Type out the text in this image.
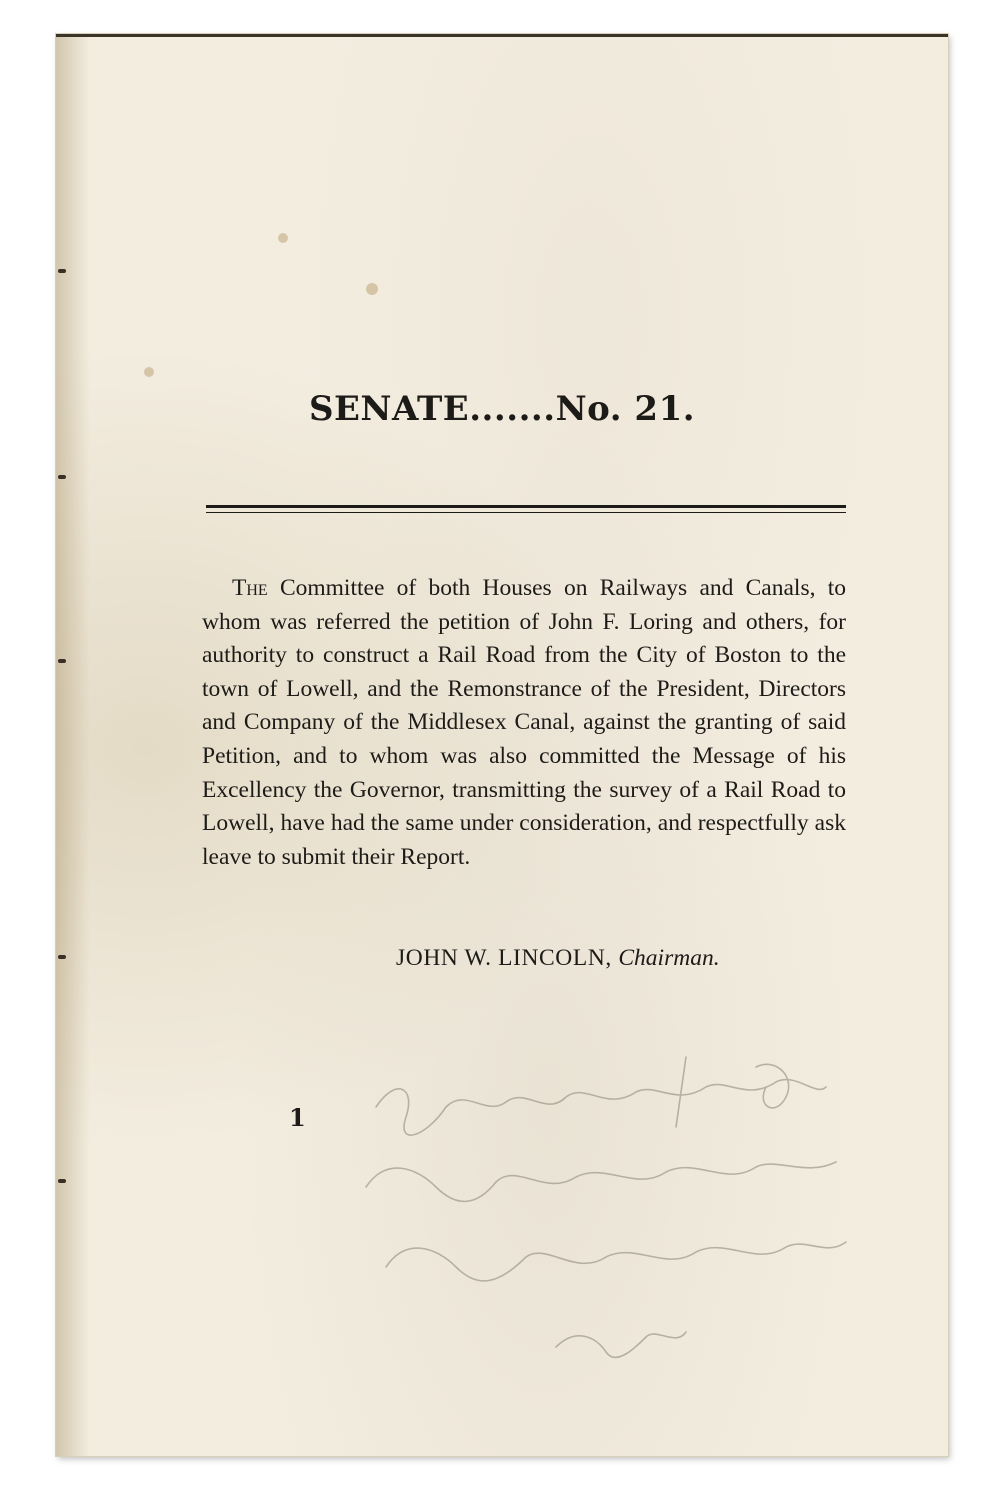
SENATE.......No. 21.

The Committee of both Houses on Railways and Canals, to whom was referred the petition of John F. Loring and others, for authority to construct a Rail Road from the City of Boston to the town of Lowell, and the Remonstrance of the President, Directors and Company of the Middlesex Canal, against the granting of said Petition, and to whom was also committed the Message of his Excellency the Governor, transmitting the survey of a Rail Road to Lowell, have had the same under consideration, and respectfully ask leave to submit their Report.

JOHN W. LINCOLN, Chairman.
1
